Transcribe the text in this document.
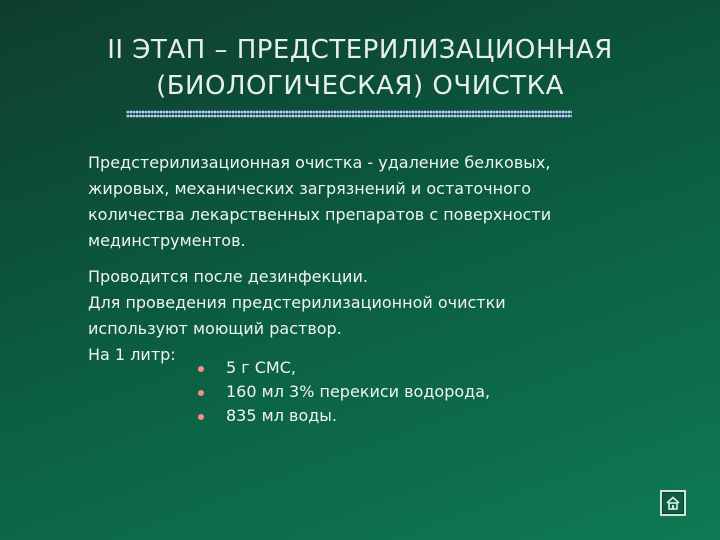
II ЭТАП – ПРЕДСТЕРИЛИЗАЦИОННАЯ
(БИОЛОГИЧЕСКАЯ) ОЧИСТКА

Предстерилизационная очистка - удаление белковых,
жировых, механических загрязнений и остаточного
количества лекарственных препаратов с поверхности
мединструментов.

Проводится после дезинфекции.
Для проведения предстерилизационной очистки
используют моющий раствор.
На 1 литр:

5 г СМС,
160 мл 3% перекиси водорода,
835 мл воды.
